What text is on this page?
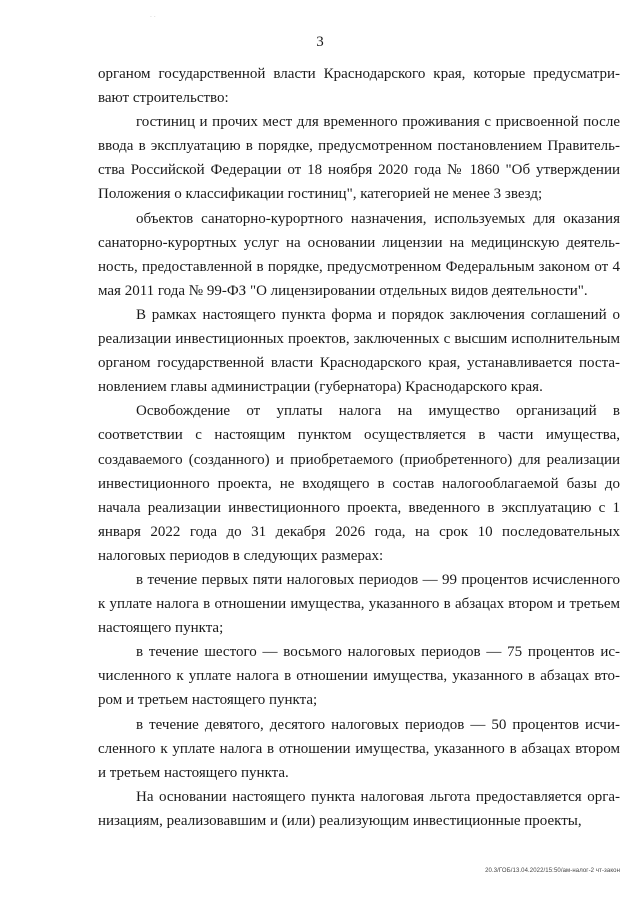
· ·
3

органом государственной власти Краснодарского края, которые предусматривают строительство:

гостиниц и прочих мест для временного проживания с присвоенной после ввода в эксплуатацию в порядке, предусмотренном постановлением Правительства Российской Федерации от 18 ноября 2020 года № 1860 "Об утверждении Положения о классификации гостиниц", категорией не менее 3 звезд;

объектов санаторно-курортного назначения, используемых для оказания санаторно-курортных услуг на основании лицензии на медицинскую деятельность, предоставленной в порядке, предусмотренном Федеральным законом от 4 мая 2011 года № 99-ФЗ "О лицензировании отдельных видов деятельности".

В рамках настоящего пункта форма и порядок заключения соглашений о реализации инвестиционных проектов, заключенных с высшим исполнительным органом государственной власти Краснодарского края, устанавливается постановлением главы администрации (губернатора) Краснодарского края.

Освобождение от уплаты налога на имущество организаций в соответствии с настоящим пунктом осуществляется в части имущества, создаваемого (созданного) и приобретаемого (приобретенного) для реализации инвестиционного проекта, не входящего в состав налогооблагаемой базы до начала реализации инвестиционного проекта, введенного в эксплуатацию с 1 января 2022 года до 31 декабря 2026 года, на срок 10 последовательных налоговых периодов в следующих размерах:

в течение первых пяти налоговых периодов — 99 процентов исчисленного к уплате налога в отношении имущества, указанного в абзацах втором и третьем настоящего пункта;

в течение шестого — восьмого налоговых периодов — 75 процентов исчисленного к уплате налога в отношении имущества, указанного в абзацах втором и третьем настоящего пункта;

в течение девятого, десятого налоговых периодов — 50 процентов исчисленного к уплате налога в отношении имущества, указанного в абзацах втором и третьем настоящего пункта.

На основании настоящего пункта налоговая льгота предоставляется организациям, реализовавшим и (или) реализующим инвестиционные проекты,

20.3/ГОБ/13.04.2022/15:50/ам-налог-2 чт-закон
